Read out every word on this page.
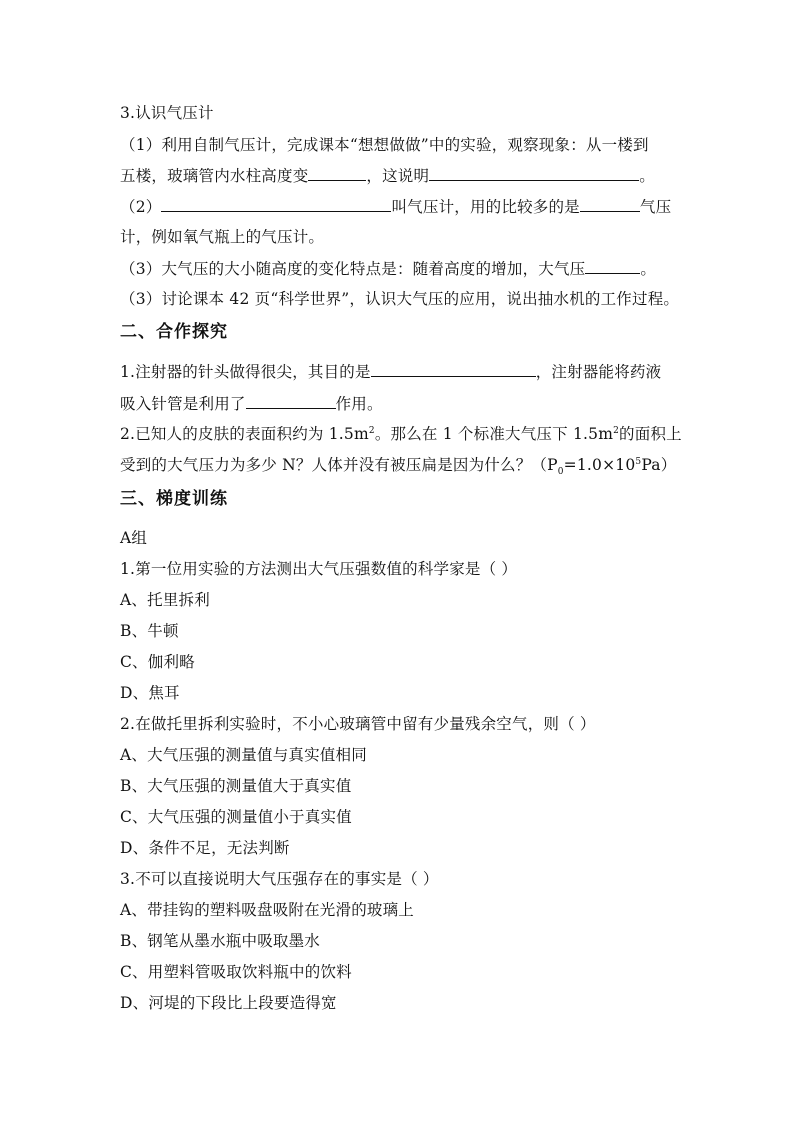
3.认识气压计
（1）利用自制气压计，完成课本“想想做做”中的实验，观察现象：从一楼到
五楼，玻璃管内水柱高度变	，这说明	。
（2）	叫气压计，用的比较多的是	气压
计，例如氧气瓶上的气压计。
（3）大气压的大小随高度的变化特点是：随着高度的增加，大气压	。
（3）讨论课本 42 页“科学世界”，认识大气压的应用，说出抽水机的工作过程。
二、合作探究
1.注射器的针头做得很尖，其目的是	，注射器能将药液
吸入针管是利用了	作用。
2.已知人的皮肤的表面积约为 $1.5m^2$。那么在 1 个标准大气压下 $1.5m^2$的面积上
受到的大气压力为多少 N？人体并没有被压扁是因为什么？$(P_0=1.0\times 10^5Pa)$
三、梯度训练
A组
1.第一位用实验的方法测出大气压强数值的科学家是（ ）
A、托里拆利
B、牛顿
C、伽利略
D、焦耳
2.在做托里拆利实验时，不小心玻璃管中留有少量残余空气，则（ ）
A、大气压强的测量值与真实值相同
B、大气压强的测量值大于真实值
C、大气压强的测量值小于真实值
D、条件不足，无法判断
3.不可以直接说明大气压强存在的事实是（ ）
A、带挂钩的塑料吸盘吸附在光滑的玻璃上
B、钢笔从墨水瓶中吸取墨水
C、用塑料管吸取饮料瓶中的饮料
D、河堤的下段比上段要造得宽
